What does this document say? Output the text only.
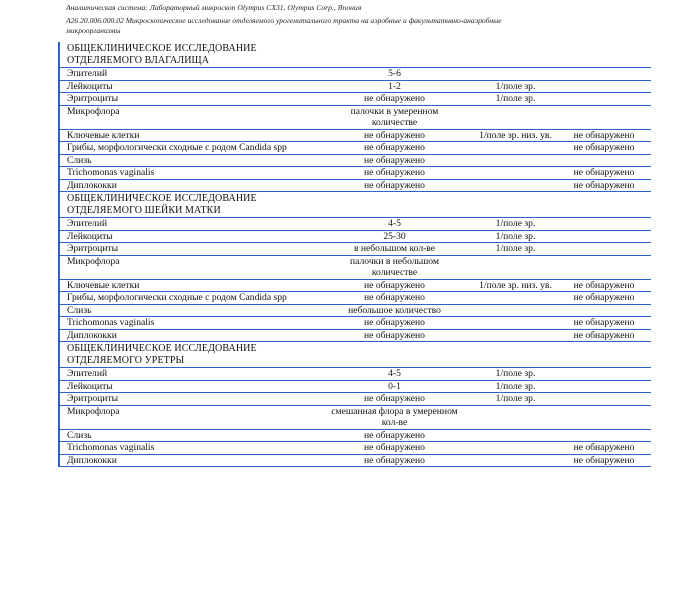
Аналитическая система: Лабораторный микроскоп Olympus CX31, Olympus Corp., Япония
A26.20.006.000.02 Микроскопическое исследование отделяемого урогенитального тракта на аэробные и факультативно-анаэробные
микроорганизмы
ОБЩЕКЛИНИЧЕСКОЕ ИССЛЕДОВАНИЕ
ОТДЕЛЯЕМОГО ВЛАГАЛИЩА			

Эпителий	5-6		
Лейкоциты	1-2	1/поле зр.	
Эритроциты	не обнаружено	1/поле зр.	
Микрофлора	палочки в умеренном количестве		
Ключевые клетки	не обнаружено	1/поле зр. низ. ув.	не обнаружено
Грибы, морфологически сходные с родом Candida spp	не обнаружено		не обнаружено
Слизь	не обнаружено		
Trichomonas vaginalis	не обнаружено		не обнаружено
Диплококки	не обнаружено		не обнаружено

ОБЩЕКЛИНИЧЕСКОЕ ИССЛЕДОВАНИЕ
ОТДЕЛЯЕМОГО ШЕЙКИ МАТКИ			

Эпителий	4-5	1/поле зр.	
Лейкоциты	25-30	1/поле зр.	
Эритроциты	в небольшом кол-ве	1/поле зр.	
Микрофлора	палочки в небольшом количестве		
Ключевые клетки	не обнаружено	1/поле зр. низ. ув.	не обнаружено
Грибы, морфологически сходные с родом Candida spp	не обнаружено		не обнаружено
Слизь	небольшое количество		
Trichomonas vaginalis	не обнаружено		не обнаружено
Диплококки	не обнаружено		не обнаружено

ОБЩЕКЛИНИЧЕСКОЕ ИССЛЕДОВАНИЕ
ОТДЕЛЯЕМОГО УРЕТРЫ			

Эпителий	4-5	1/поле зр.	
Лейкоциты	0-1	1/поле зр.	
Эритроциты	не обнаружено	1/поле зр.	
Микрофлора	смешанная флора в умеренном кол-ве		
Слизь	не обнаружено		
Trichomonas vaginalis	не обнаружено		не обнаружено
Диплококки	не обнаружено		не обнаружено
